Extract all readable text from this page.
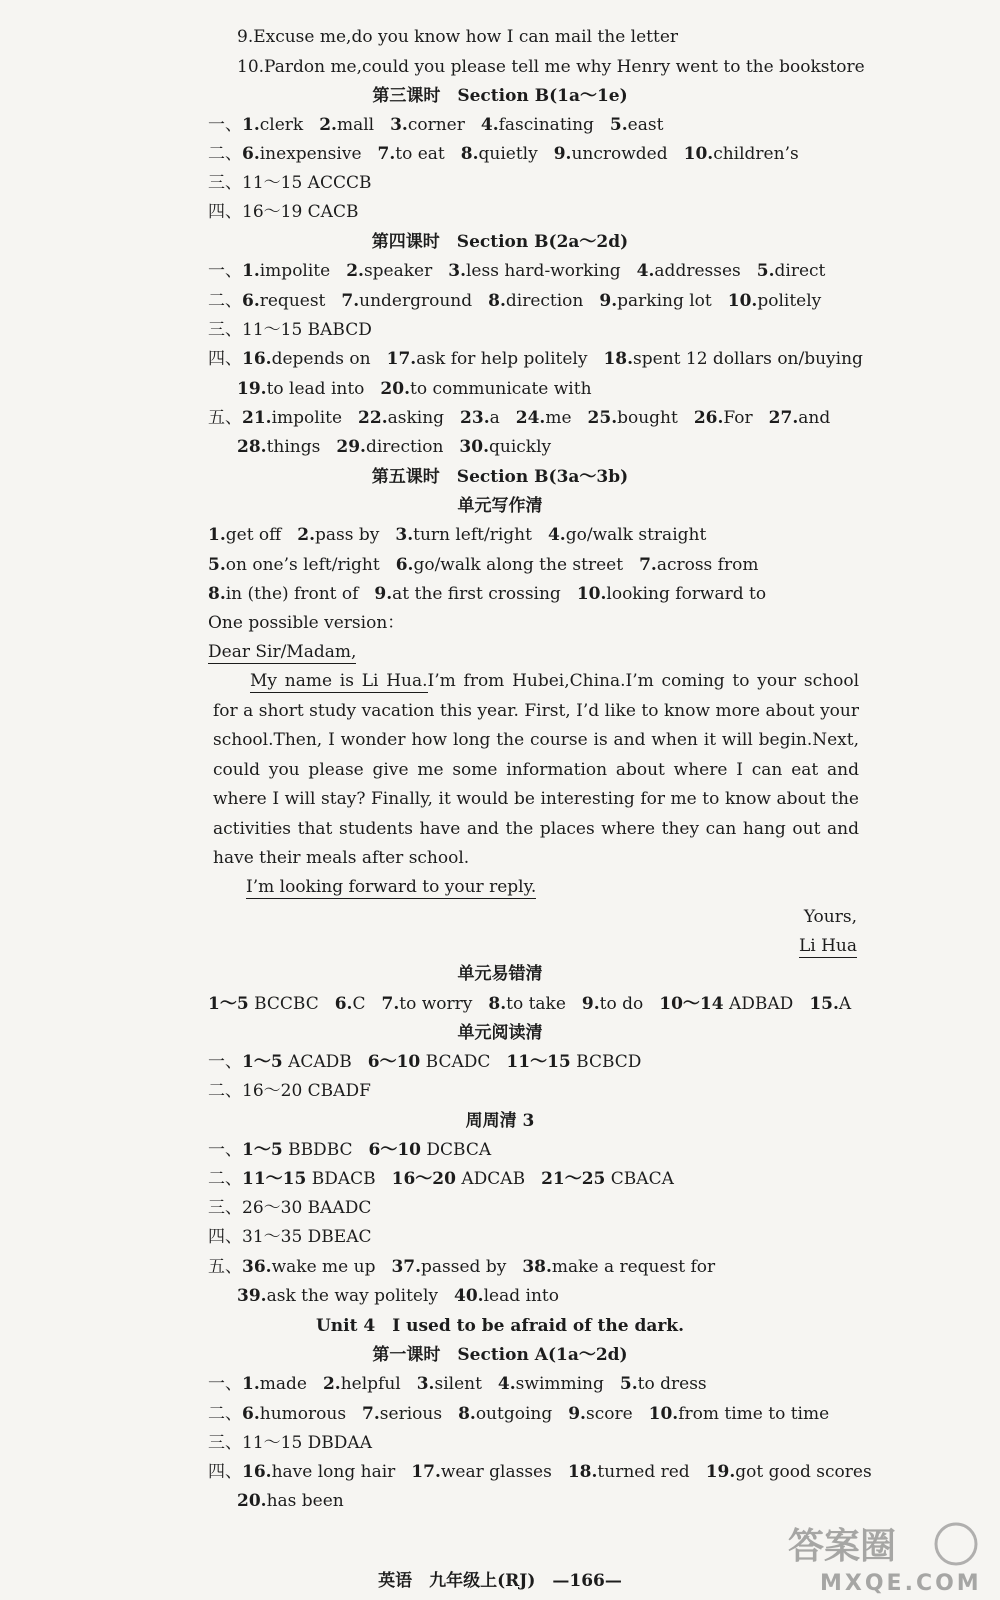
9.Excuse me,do you know how I can mail the letter
10.Pardon me,could you please tell me why Henry went to the bookstore
第三课时　Section B(1a～1e)
一、1.clerk 2.mall 3.corner 4.fascinating 5.east
二、6.inexpensive 7.to eat 8.quietly 9.uncrowded 10.children’s
三、11～15 ACCCB
四、16～19 CACB
第四课时　Section B(2a～2d)
一、1.impolite 2.speaker 3.less hard-working 4.addresses 5.direct
二、6.request 7.underground 8.direction 9.parking lot 10.politely
三、11～15 BABCD
四、16.depends on 17.ask for help politely 18.spent 12 dollars on/buying
19.to lead into 20.to communicate with
五、21.impolite 22.asking 23.a 24.me 25.bought 26.For 27.and
28.things 29.direction 30.quickly
第五课时　Section B(3a～3b)
单元写作清
1.get off 2.pass by 3.turn left/right 4.go/walk straight
5.on one’s left/right 6.go/walk along the street 7.across from
8.in (the) front of 9.at the first crossing 10.looking forward to
One possible version：
Dear Sir/Madam,
My name is Li Hua.I’m from Hubei,China.I’m coming to your school for a short study vacation this year. First, I’d like to know more about your school.Then, I wonder how long the course is and when it will begin.Next, could you please give me some information about where I can eat and where I will stay? Finally, it would be interesting for me to know about the activities that students have and the places where they can hang out and have their meals after school.
I’m looking forward to your reply.
Yours,
Li Hua
单元易错清
1～5 BCCBC 6.C 7.to worry 8.to take 9.to do 10～14 ADBAD 15.A
单元阅读清
一、1～5 ACADB 6～10 BCADC 11～15 BCBCD
二、16～20 CBADF
周周清 3
一、1～5 BBDBC 6～10 DCBCA
二、11～15 BDACB 16～20 ADCAB 21～25 CBACA
三、26～30 BAADC
四、31～35 DBEAC
五、36.wake me up 37.passed by 38.make a request for
39.ask the way politely 40.lead into
Unit 4　I used to be afraid of the dark.
第一课时　Section A(1a～2d)
一、1.made 2.helpful 3.silent 4.swimming 5.to dress
二、6.humorous 7.serious 8.outgoing 9.score 10.from time to time
三、11～15 DBDAA
四、16.have long hair 17.wear glasses 18.turned red 19.got good scores
20.has been
英语　九年级上(RJ)　—166—
答案圈
MXQE.COM
